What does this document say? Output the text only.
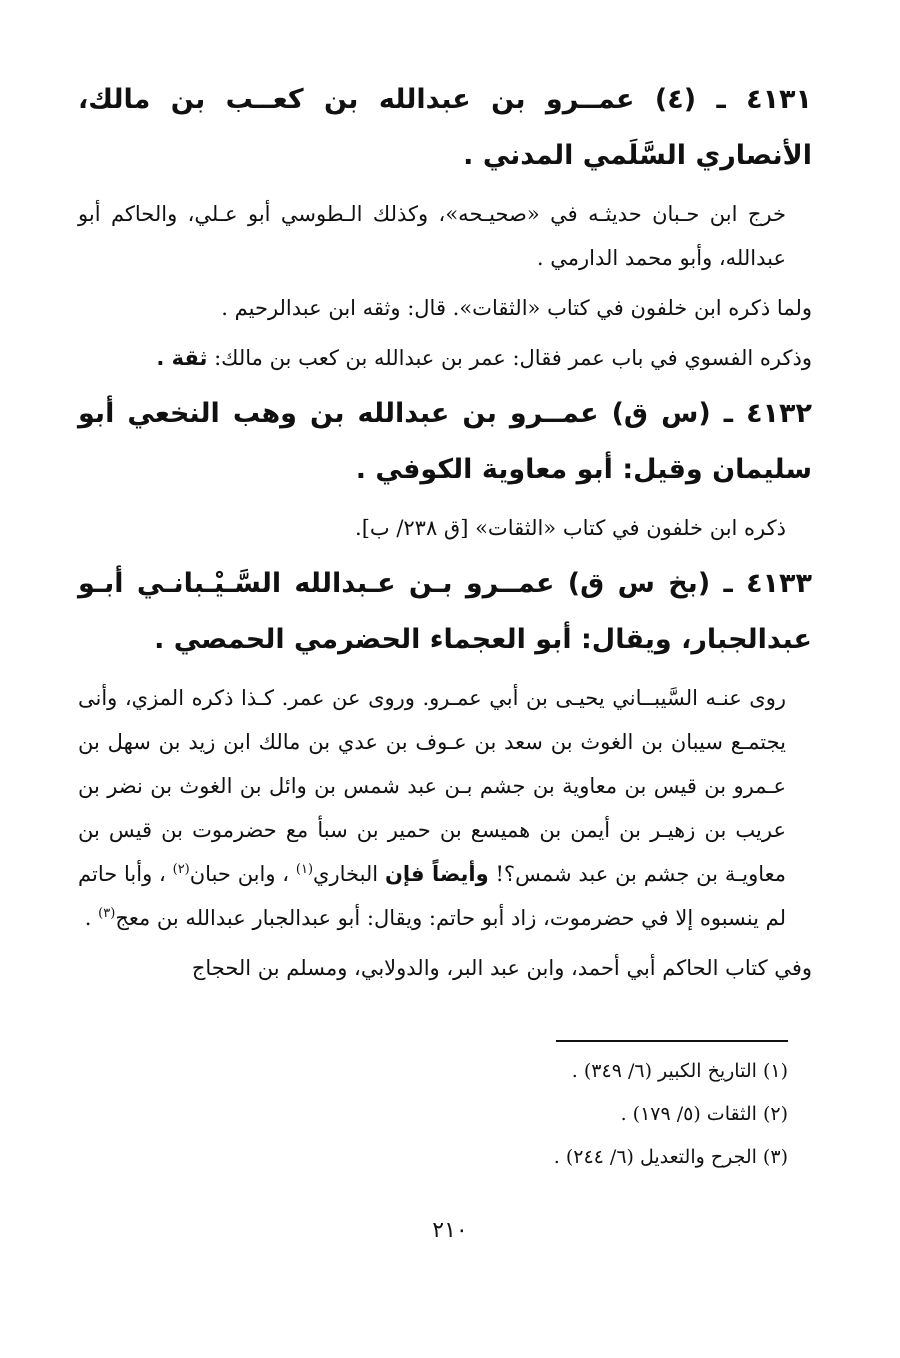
٤١٣١ ـ (٤) عمــرو بن عبدالله بن كعــب بن مالك، الأنصاري السَّلَمي المدني .
خرج ابن حـبان حديثـه في «صحيـحه»، وكذلك الـطوسي أبو عـلي، والحاكم أبو عبدالله، وأبو محمد الدارمي .
ولما ذكره ابن خلفون في كتاب «الثقات». قال: وثقه ابن عبدالرحيم .
وذكره الفسوي في باب عمر فقال: عمر بن عبدالله بن كعب بن مالك: ثقة .
٤١٣٢ ـ (س ق) عمــرو بن عبدالله بن وهب النخعي أبو سليمان وقيل: أبو معاوية الكوفي .
ذكره ابن خلفون في كتاب «الثقات» [ق ٢٣٨/ ب].
٤١٣٣ ـ (بخ س ق) عمــرو بـن عـبدالله السَّـيْـبانـي أبـو عبدالجبار، ويقال: أبو العجماء الحضرمي الحمصي .
روى عنـه السَّيبــاني يحيـى بن أبي عمـرو. وروى عن عمر. كـذا ذكره المزي، وأنى يجتمـع سيبان بن الغوث بن سعد بن عـوف بن عدي بن مالك ابن زيد بن سهل بن عـمرو بن قيس بن معاوية بن جشم بـن عبد شمس بن وائل بن الغوث بن نضر بن عريب بن زهيـر بن أيمن بن هميسع بن حمير بن سبأ مع حضرموت بن قيس بن معاويـة بن جشم بن عبد شمس؟! وأيضاً فإن البخاري$^{(١)}$ ، وابن حبان$^{(٢)}$ ، وأبا حاتم لم ينسبوه إلا في حضرموت، زاد أبو حاتم: ويقال: أبو عبدالجبار عبدالله بن معج$^{(٣)}$ .
وفي كتاب الحاكم أبي أحمد، وابن عبد البر، والدولابي، ومسلم بن الحجاج
(١) التاريخ الكبير (٦/ ٣٤٩) .
(٢) الثقات (٥/ ١٧٩) .
(٣) الجرح والتعديل (٦/ ٢٤٤) .
٢١٠
